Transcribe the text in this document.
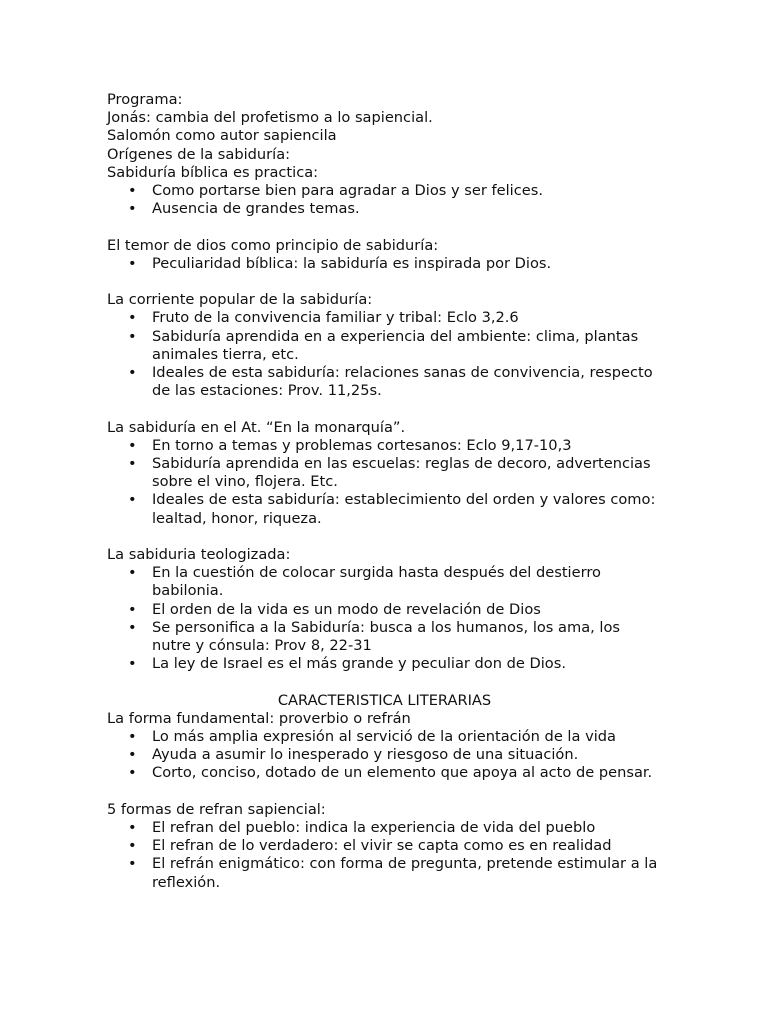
Programa:

Jonás: cambia del profetismo a lo sapiencial.

Salomón como autor sapiencila

Orígenes de la sabiduría:

Sabiduría bíblica es practica:

• Como portarse bien para agradar a Dios y ser felices.
• Ausencia de grandes temas.

El temor de dios como principio de sabiduría:

• Peculiaridad bíblica: la sabiduría es inspirada por Dios.

La corriente popular de la sabiduría:

• Fruto de la convivencia familiar y tribal: Eclo 3,2.6
• Sabiduría aprendida en a experiencia del ambiente: clima, plantas animales tierra, etc.
• Ideales de esta sabiduría: relaciones sanas de convivencia, respecto de las estaciones: Prov. 11,25s.

La sabiduría en el At. “En la monarquía”.

• En torno a temas y problemas cortesanos: Eclo 9,17-10,3
• Sabiduría aprendida en las escuelas: reglas de decoro, advertencias sobre el vino, flojera. Etc.
• Ideales de esta sabiduría: establecimiento del orden y valores como: lealtad, honor, riqueza.

La sabiduria teologizada:

• En la cuestión de colocar surgida hasta después del destierro babilonia.
• El orden de la vida es un modo de revelación de Dios
• Se personifica a la Sabiduría: busca a los humanos, los ama, los nutre y cónsula: Prov 8, 22-31
• La ley de Israel es el más grande y peculiar don de Dios.

CARACTERISTICA LITERARIAS

La forma fundamental: proverbio o refrán

• Lo más amplia expresión al servició de la orientación de la vida
• Ayuda a asumir lo inesperado y riesgoso de una situación.
• Corto, conciso, dotado de un elemento que apoya al acto de pensar.

5 formas de refran sapiencial:

• El refran del pueblo: indica la experiencia de vida del pueblo
• El refran de lo verdadero: el vivir se capta como es en realidad
• El refrán enigmático: con forma de pregunta, pretende estimular a la reflexión.
